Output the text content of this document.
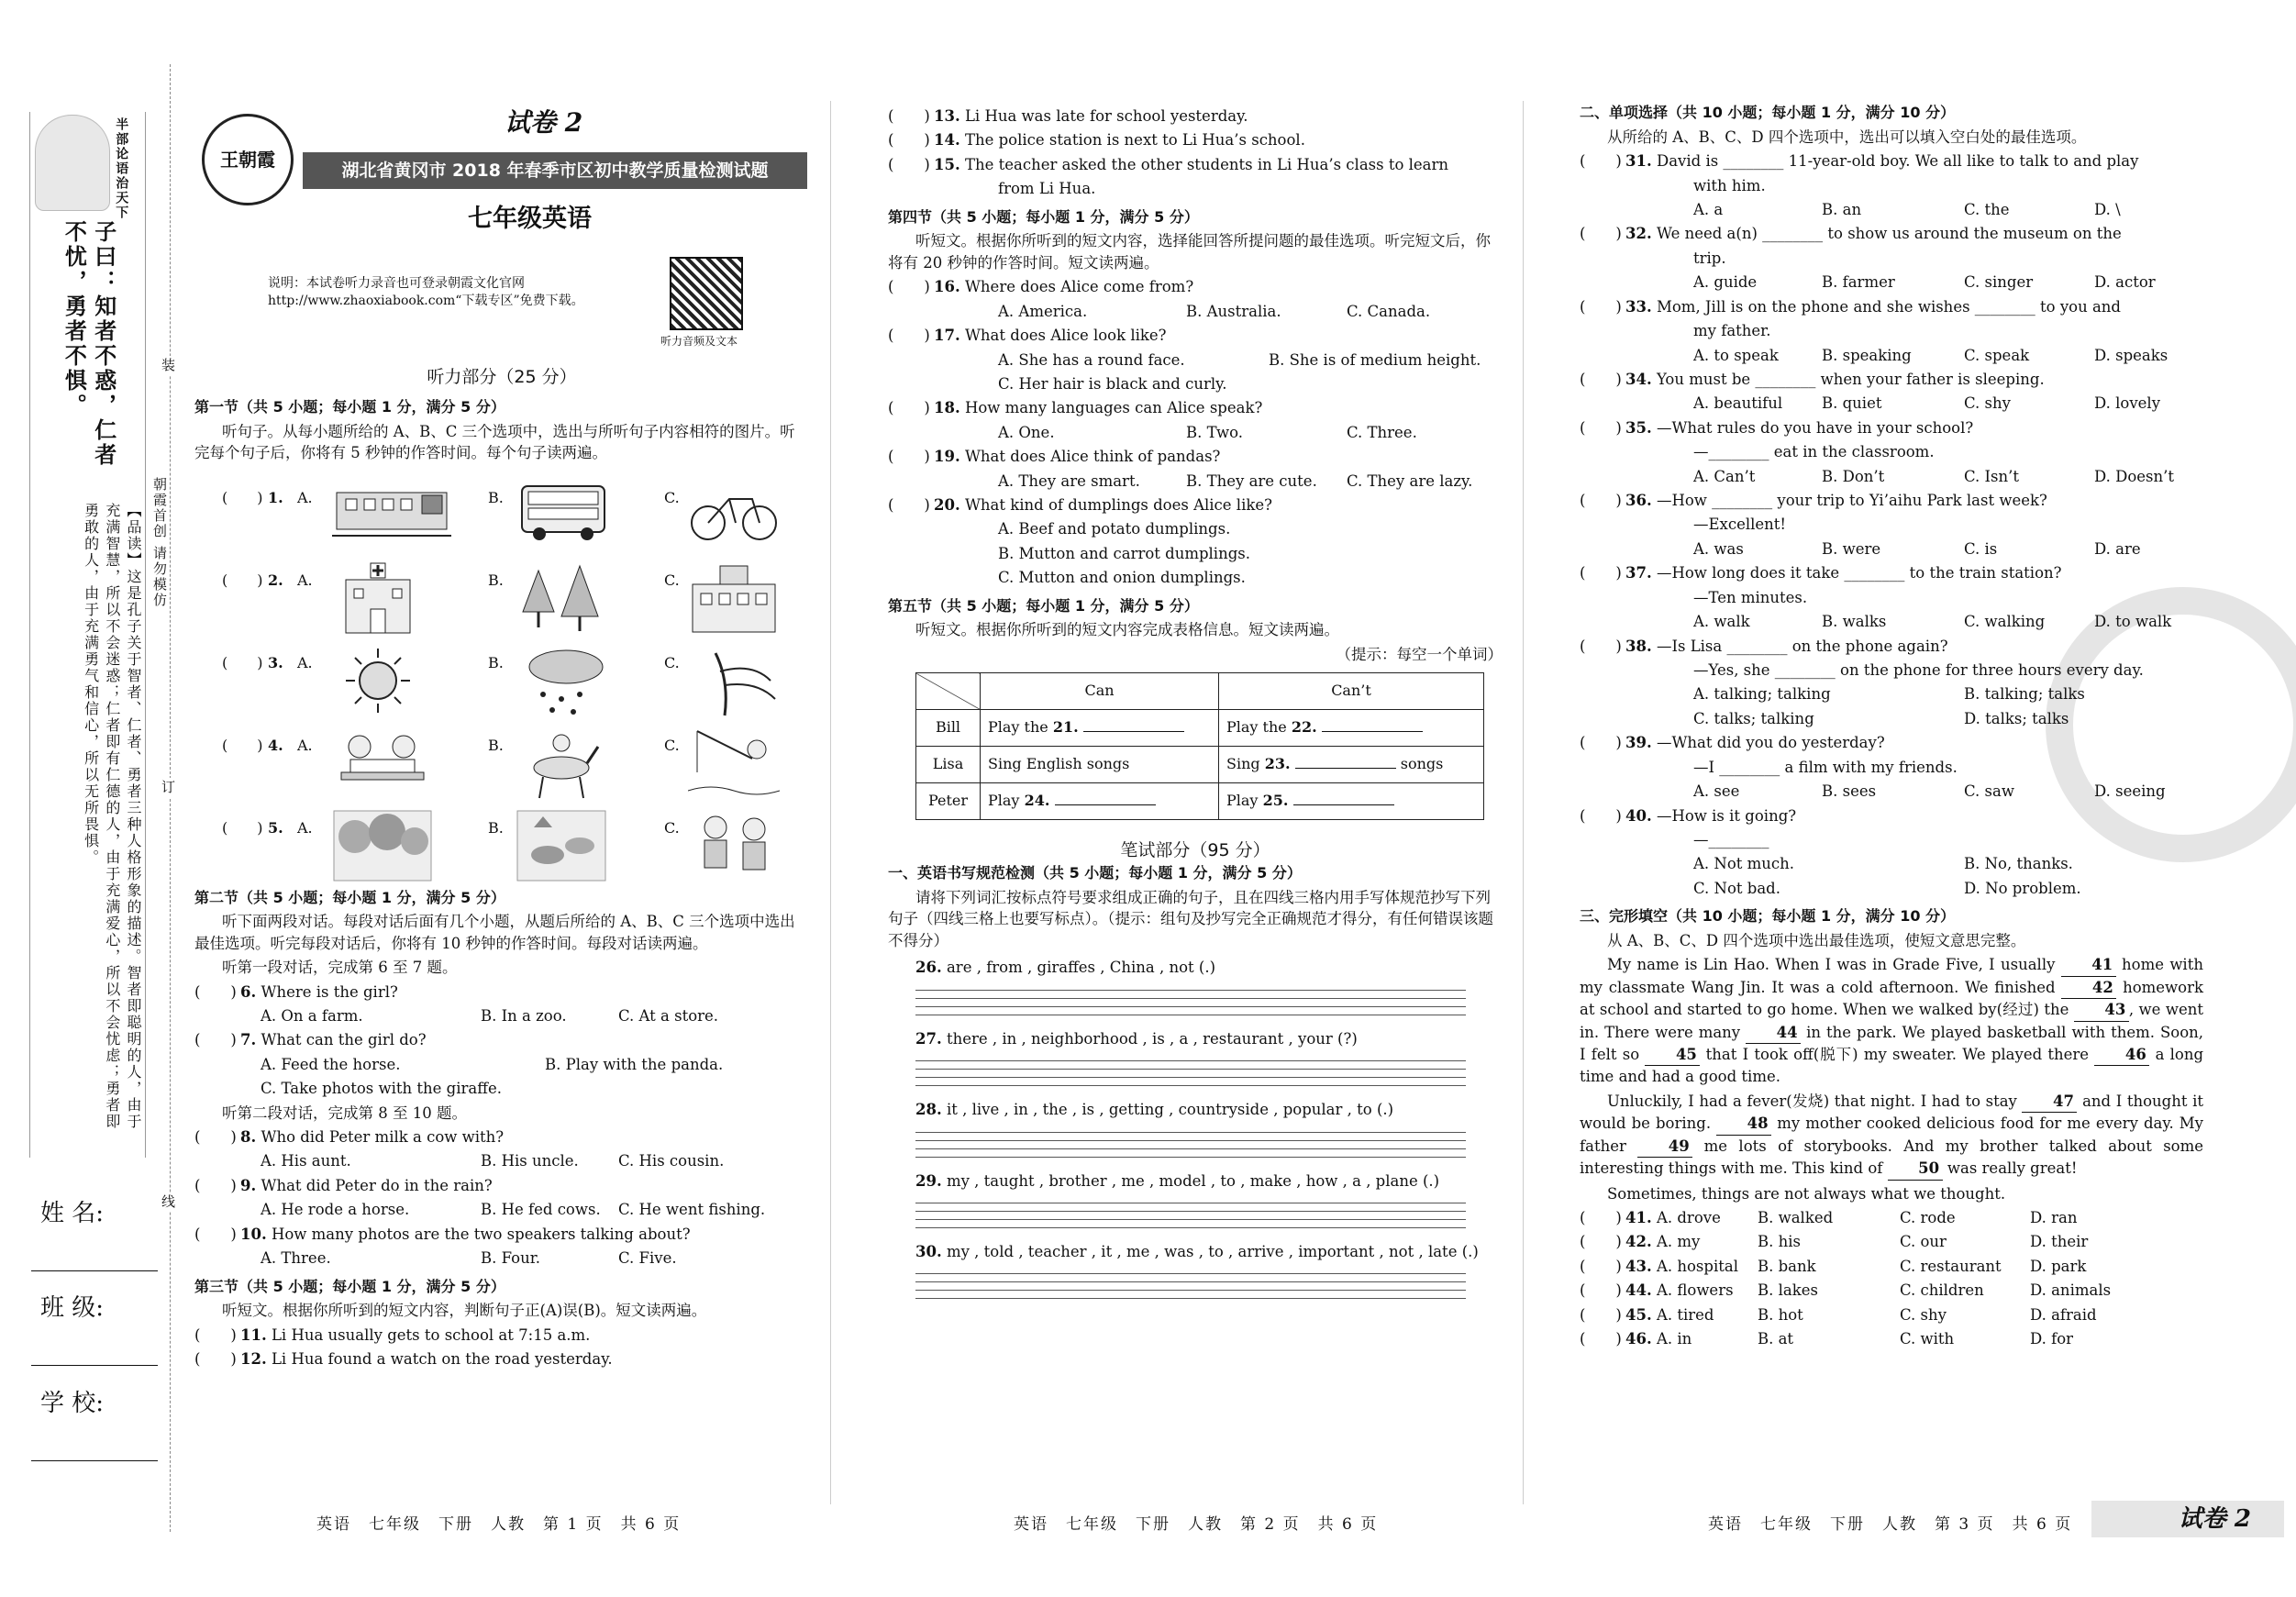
半部论语治天下
子曰：知者不惑，仁者不忧，勇者不惧。
【品读】这是孔子关于智者、仁者、勇者三种人格形象的描述。智者即聪明的人，由于充满智慧，所以不会迷惑；仁者即有仁德的人，由于充满爱心，所以不会忧虑；勇者即勇敢的人，由于充满勇气和信心，所以无所畏惧。	朝霞首创 请勿模仿
装
订
线
姓 名:
班 级:
学 校:
王朝霞
试卷 2
湖北省黄冈市 2018 年春季市区初中教学质量检测试题
七年级英语
说明：本试卷听力录音也可登录朝霞文化官网 http://www.zhaoxiabook.com“下载专区”免费下载。
听力音频及文本
听力部分（25 分）
第一节（共 5 小题；每小题 1 分，满分 5 分）
听句子。从每小题所给的 A、B、C 三个选项中，选出与所听句子内容相符的图片。听完每个句子后，你将有 5 秒钟的作答时间。每个句子读两遍。
(　　) 1.
(　　) 2.
(　　) 3.
(　　) 4.
(　　) 5.
A.
A.
A.
A.
A.
B.
B.
B.
B.
B.
C.
C.
C.
C.
C.
第二节（共 5 小题；每小题 1 分，满分 5 分）
听下面两段对话。每段对话后面有几个小题，从题后所给的 A、B、C 三个选项中选出最佳选项。听完每段对话后，你将有 10 秒钟的作答时间。每段对话读两遍。
听第一段对话，完成第 6 至 7 题。
(　　) 6.
Where is the girl?
A. On a farm.	B. In a zoo.	C. At a store.
(　　) 7.
What can the girl do?
A. Feed the horse.	B. Play with the panda.
C. Take photos with the giraffe.
听第二段对话，完成第 8 至 10 题。
(　　) 8.
Who did Peter milk a cow with?
A. His aunt.	B. His uncle.	C. His cousin.
(　　) 9.
What did Peter do in the rain?
A. He rode a horse.	B. He fed cows.	C. He went fishing.
(　　) 10.
How many photos are the two speakers talking about?
A. Three.	B. Four.	C. Five.
第三节（共 5 小题；每小题 1 分，满分 5 分）
听短文。根据你所听到的短文内容，判断句子正(A)误(B)。短文读两遍。
(　　) 11.
Li Hua usually gets to school at 7:15 a.m.
(　　) 12.
Li Hua found a watch on the road yesterday.
(　　) 13.
Li Hua was late for school yesterday.
(　　) 14.
The police station is next to Li Hua’s school.
(　　) 15.
The teacher asked the other students in Li Hua’s class to learn
from Li Hua.
第四节（共 5 小题；每小题 1 分，满分 5 分）
听短文。根据你所听到的短文内容，选择能回答所提问题的最佳选项。听完短文后，你将有 20 秒钟的作答时间。短文读两遍。
(　　) 16.
Where does Alice come from?
A. America.	B. Australia.	C. Canada.
(　　) 17.
What does Alice look like?
A. She has a round face.	B. She is of medium height.
C. Her hair is black and curly.
(　　) 18.
How many languages can Alice speak?
A. One.	B. Two.	C. Three.
(　　) 19.
What does Alice think of pandas?
A. They are smart.	B. They are cute.	C. They are lazy.
(　　) 20.
What kind of dumplings does Alice like?
A. Beef and potato dumplings.
B. Mutton and carrot dumplings.
C. Mutton and onion dumplings.
第五节（共 5 小题；每小题 1 分，满分 5 分）
听短文。根据你所听到的短文内容完成表格信息。短文读两遍。
（提示：每空一个单词）
	Can	Can’t
Bill	Play the 21.	Play the 22.
Lisa	Sing English songs	Sing 23. songs
Peter	Play 24.	Play 25.
笔试部分（95 分）
一、英语书写规范检测（共 5 小题；每小题 1 分，满分 5 分）
请将下列词汇按标点符号要求组成正确的句子，且在四线三格内用手写体规范抄写下列句子（四线三格上也要写标点）。（提示：组句及抄写完全正确规范才得分，有任何错误该题不得分）
26.
are , from , giraffes , China , not (.)
27.
there , in , neighborhood , is , a , restaurant , your (?)
28.
it , live , in , the , is , getting , countryside , popular , to (.)
29.
my , taught , brother , me , model , to , make , how , a , plane (.)
30.
my , told , teacher , it , me , was , to , arrive , important , not , late (.)
二、单项选择（共 10 小题；每小题 1 分，满分 10 分）
从所给的 A、B、C、D 四个选项中，选出可以填入空白处的最佳选项。
(　　) 31.
David is ________ 11-year-old boy. We all like to talk to and play
with him.
A. a	B. an	C. the	D. \
(　　) 32.
We need a(n) ________ to show us around the museum on the
trip.
A. guide	B. farmer	C. singer	D. actor
(　　) 33.
Mom, Jill is on the phone and she wishes ________ to you and
my father.
A. to speak	B. speaking	C. speak	D. speaks
(　　) 34.
You must be ________ when your father is sleeping.
A. beautiful	B. quiet	C. shy	D. lovely
(　　) 35.
—What rules do you have in your school?
—________ eat in the classroom.
A. Can’t	B. Don’t	C. Isn’t	D. Doesn’t
(　　) 36.
—How ________ your trip to Yi’aihu Park last week?
—Excellent!
A. was	B. were	C. is	D. are
(　　) 37.
—How long does it take ________ to the train station?
—Ten minutes.
A. walk	B. walks	C. walking	D. to walk
(　　) 38.
—Is Lisa ________ on the phone again?
—Yes, she ________ on the phone for three hours every day.
A. talking; talking	B. talking; talks
C. talks; talking	D. talks; talks
(　　) 39.
—What did you do yesterday?
—I ________ a film with my friends.
A. see	B. sees	C. saw	D. seeing
(　　) 40.
—How is it going?
—________
A. Not much.	B. No, thanks.
C. Not bad.	D. No problem.
三、完形填空（共 10 小题；每小题 1 分，满分 10 分）
从 A、B、C、D 四个选项中选出最佳选项，使短文意思完整。
My name is Lin Hao. When I was in Grade Five, I usually 41 home with my classmate Wang Jin. It was a cold afternoon. We finished 42 homework at school and started to go home. When we walked by(经过) the 43 , we went in. There were many 44 in the park. We played basketball with them. Soon, I felt so 45 that I took off(脱下) my sweater. We played there 46 a long time and had a good time.
Unluckily, I had a fever(发烧) that night. I had to stay 47 and I thought it would be boring. 48 my mother cooked delicious food for me every day. My father	49 me lots of storybooks. And my brother talked about some interesting things with me. This kind of 50 was really great!
Sometimes, things are not always what we thought.
(　　) 41.
A. drove	B. walked	C. rode	D. ran
(　　) 42.
A. my	B. his	C. our	D. their
(　　) 43.
A. hospital	B. bank	C. restaurant	D. park
(　　) 44.
A. flowers	B. lakes	C. children	D. animals
(　　) 45.
A. tired	B. hot	C. shy	D. afraid
(　　) 46.
A. in	B. at	C. with	D. for
英语　七年级　下册　人教　第 1 页　共 6 页	英语　七年级　下册　人教　第 2 页　共 6 页	英语　七年级　下册　人教　第 3 页　共 6 页	试卷 2
